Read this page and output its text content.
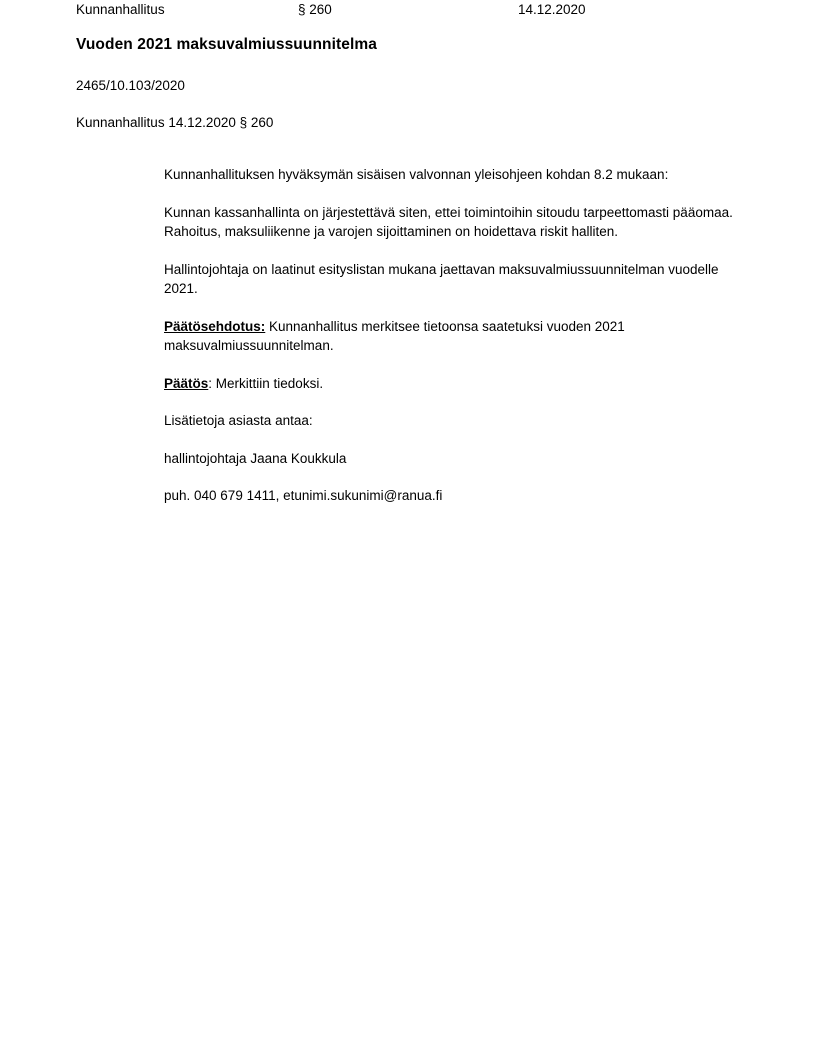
Kunnanhallitus	§ 260	14.12.2020
Vuoden 2021 maksuvalmiussuunnitelma
2465/10.103/2020
Kunnanhallitus 14.12.2020 § 260

Kunnanhallituksen hyväksymän sisäisen valvonnan yleisohjeen kohdan 8.2 mukaan:

Kunnan kassanhallinta on järjestettävä siten, ettei toimintoihin sitoudu tarpeettomasti pääomaa. Rahoitus, maksuliikenne ja varojen sijoittaminen on hoidettava riskit halliten.

Hallintojohtaja on laatinut esityslistan mukana jaettavan maksuvalmiussuunnitelman vuodelle 2021.

Päätösehdotus: Kunnanhallitus merkitsee tietoonsa saatetuksi vuoden 2021 maksuvalmiussuunnitelman.

Päätös: Merkittiin tiedoksi.

Lisätietoja asiasta antaa:

hallintojohtaja Jaana Koukkula

puh. 040 679 1411, etunimi.sukunimi@ranua.fi
